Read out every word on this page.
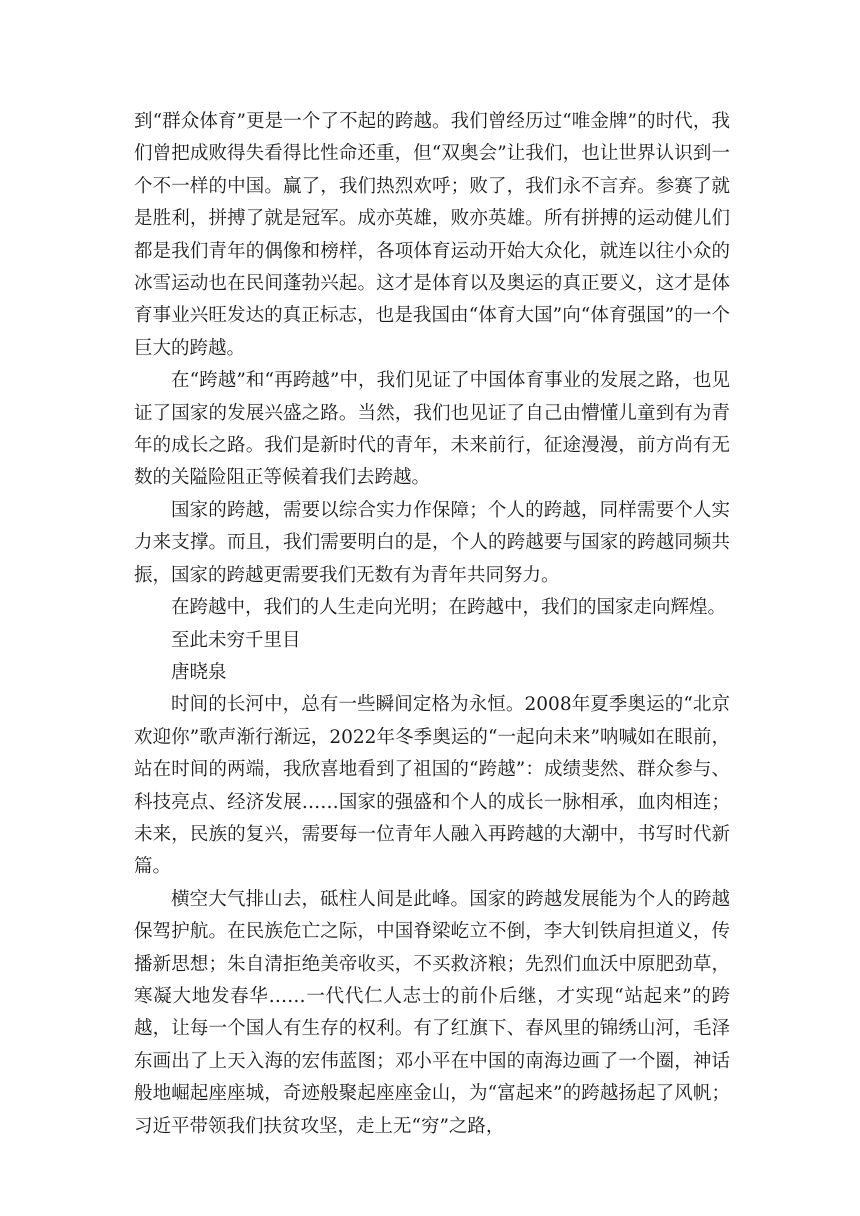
到“群众体育”更是一个了不起的跨越。我们曾经历过“唯金牌”的时代，我们曾把成败得失看得比性命还重，但“双奥会”让我们，也让世界认识到一个不一样的中国。赢了，我们热烈欢呼；败了，我们永不言弃。参赛了就是胜利，拼搏了就是冠军。成亦英雄，败亦英雄。所有拼搏的运动健儿们都是我们青年的偶像和榜样，各项体育运动开始大众化，就连以往小众的冰雪运动也在民间蓬勃兴起。这才是体育以及奥运的真正要义，这才是体育事业兴旺发达的真正标志，也是我国由“体育大国”向“体育强国”的一个巨大的跨越。

在“跨越”和“再跨越”中，我们见证了中国体育事业的发展之路，也见证了国家的发展兴盛之路。当然，我们也见证了自己由懵懂儿童到有为青年的成长之路。我们是新时代的青年，未来前行，征途漫漫，前方尚有无数的关隘险阻正等候着我们去跨越。

国家的跨越，需要以综合实力作保障；个人的跨越，同样需要个人实力来支撑。而且，我们需要明白的是，个人的跨越要与国家的跨越同频共振，国家的跨越更需要我们无数有为青年共同努力。

在跨越中，我们的人生走向光明；在跨越中，我们的国家走向辉煌。

至此未穷千里目

唐晓泉

时间的长河中，总有一些瞬间定格为永恒。2008年夏季奥运的“北京欢迎你”歌声渐行渐远，2022年冬季奥运的“一起向未来”呐喊如在眼前，站在时间的两端，我欣喜地看到了祖国的“跨越”：成绩斐然、群众参与、科技亮点、经济发展……国家的强盛和个人的成长一脉相承，血肉相连；未来，民族的复兴，需要每一位青年人融入再跨越的大潮中，书写时代新篇。

横空大气排山去，砥柱人间是此峰。国家的跨越发展能为个人的跨越保驾护航。在民族危亡之际，中国脊梁屹立不倒，李大钊铁肩担道义，传播新思想；朱自清拒绝美帝收买，不买救济粮；先烈们血沃中原肥劲草，寒凝大地发春华……一代代仁人志士的前仆后继，才实现“站起来”的跨越，让每一个国人有生存的权利。有了红旗下、春风里的锦绣山河，毛泽东画出了上天入海的宏伟蓝图；邓小平在中国的南海边画了一个圈，神话般地崛起座座城，奇迹般聚起座座金山，为“富起来”的跨越扬起了风帆；习近平带领我们扶贫攻坚，走上无“穷”之路，
